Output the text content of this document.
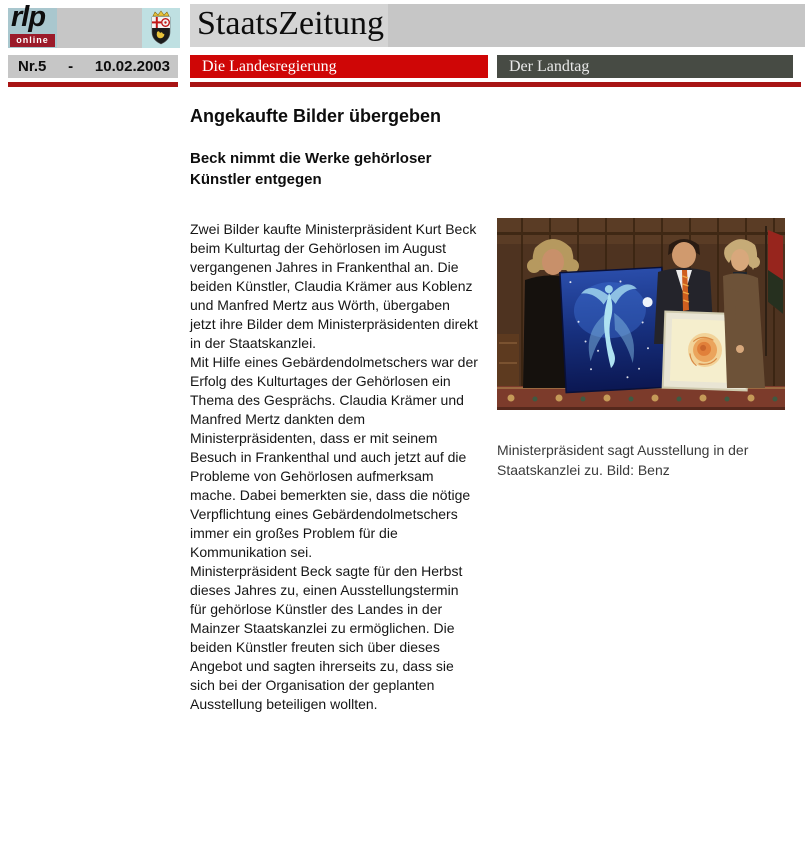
rlp
online	StaatsZeitung
Nr.5 - 10.02.2003	Die Landesregierung	Der Landtag
Angekaufte Bilder übergeben
Beck nimmt die Werke gehörloser Künstler entgegen

Zwei Bilder kaufte Ministerpräsident Kurt Beck beim Kulturtag der Gehörlosen im August vergangenen Jahres in Frankenthal an. Die beiden Künstler, Claudia Krämer aus Koblenz und Manfred Mertz aus Wörth, übergaben jetzt ihre Bilder dem Ministerpräsidenten direkt in der Staatskanzlei.

Mit Hilfe eines Gebärdendolmetschers war der Erfolg des Kulturtages der Gehörlosen ein Thema des Gesprächs. Claudia Krämer und Manfred Mertz dankten dem Ministerpräsidenten, dass er mit seinem Besuch in Frankenthal und auch jetzt auf die Probleme von Gehörlosen aufmerksam mache. Dabei bemerkten sie, dass die nötige Verpflichtung eines Gebärdendolmetschers immer ein großes Problem für die Kommunikation sei.

Ministerpräsident Beck sagte für den Herbst dieses Jahres zu, einen Ausstellungstermin für gehörlose Künstler des Landes in der Mainzer Staatskanzlei zu ermöglichen. Die beiden Künstler freuten sich über dieses Angebot und sagten ihrerseits zu, dass sie sich bei der Organisation der geplanten Ausstellung beteiligen wollten.

Ministerpräsident sagt Ausstellung in der Staatskanzlei zu. Bild: Benz
